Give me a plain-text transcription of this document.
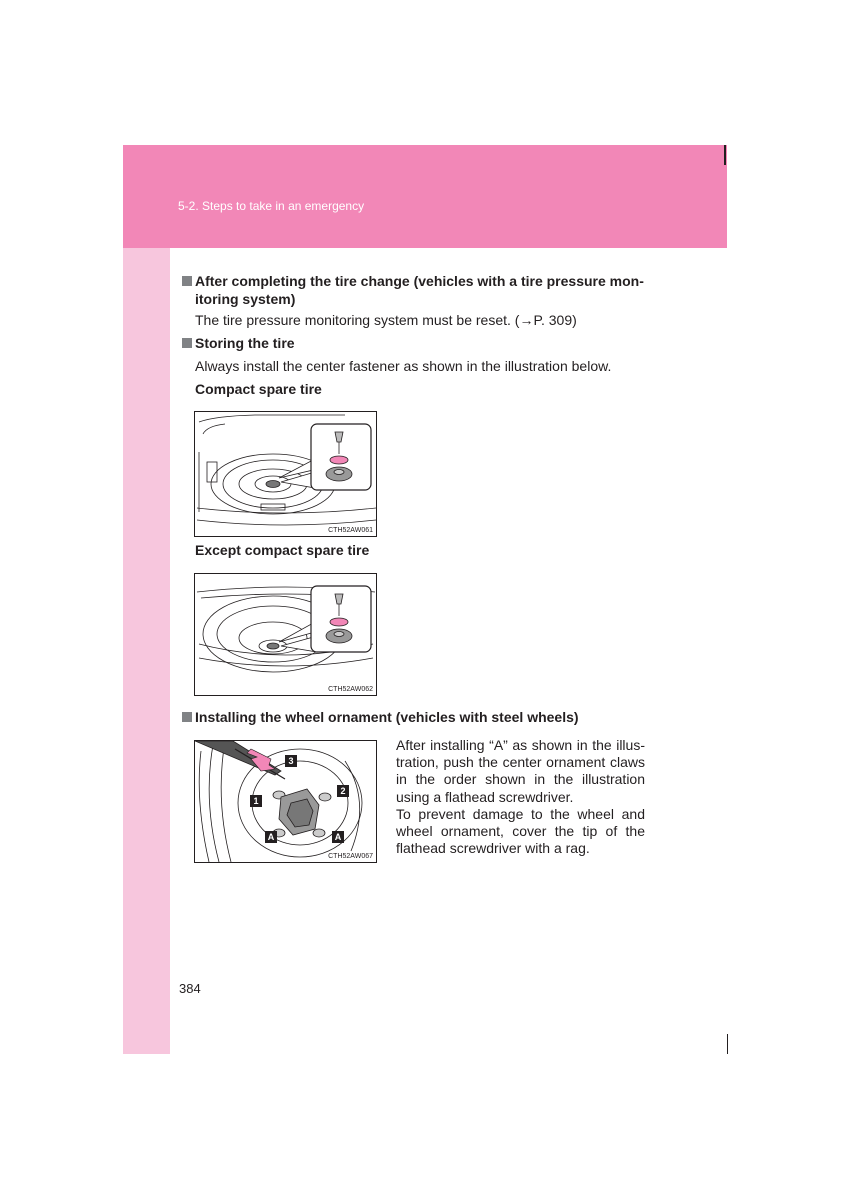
5-2. Steps to take in an emergency
After completing the tire change (vehicles with a tire pressure mon-
itoring system)
The tire pressure monitoring system must be reset. (→P. 309)
Storing the tire
Always install the center fastener as shown in the illustration below.
Compact spare tire
CTH52AW061
Except compact spare tire
CTH52AW062
Installing the wheel ornament (vehicles with steel wheels)
1
2
3
A	A
CTH52AW067

After installing “A” as shown in the illus-tration, push the center ornament claws in the order shown in the illustration using a flathead screwdriver.

To prevent damage to the wheel and wheel ornament, cover the tip of the flathead screwdriver with a rag.

384
